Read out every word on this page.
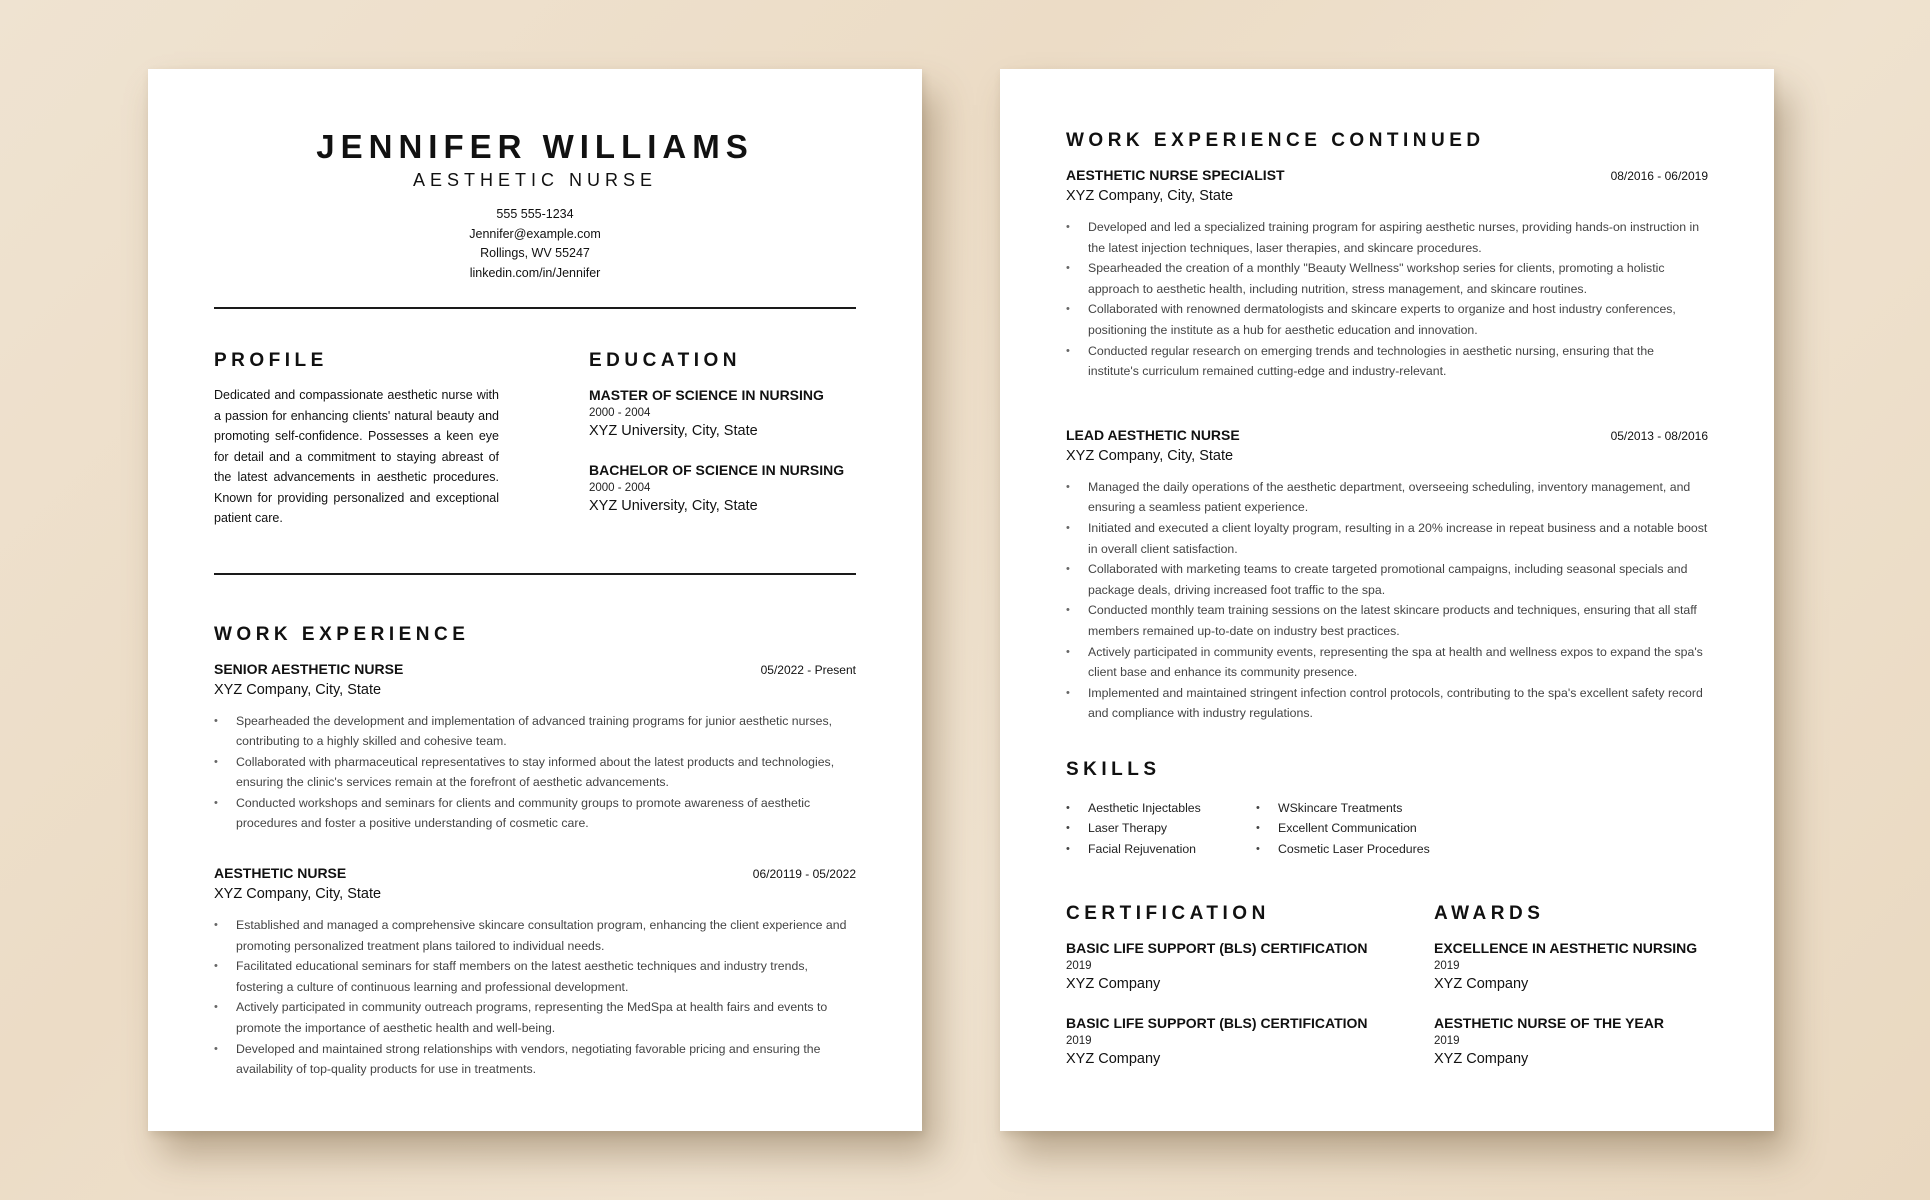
JENNIFER WILLIAMS
AESTHETIC NURSE
555 555-1234
Jennifer@example.com
Rollings, WV 55247
linkedin.com/in/Jennifer
PROFILE
Dedicated and compassionate aesthetic nurse with a passion for enhancing clients' natural beauty and promoting self-confidence. Possesses a keen eye for detail and a commitment to staying abreast of the latest advancements in aesthetic procedures. Known for providing personalized and exceptional patient care.
EDUCATION
MASTER OF SCIENCE IN NURSING
2000 - 2004
XYZ University, City, State
BACHELOR OF SCIENCE IN NURSING
2000 - 2004
XYZ University, City, State
WORK EXPERIENCE
SENIOR AESTHETIC NURSE	05/2022 - Present
XYZ Company, City, State
• Spearheaded the development and implementation of advanced training programs for junior aesthetic nurses, contributing to a highly skilled and cohesive team.
• Collaborated with pharmaceutical representatives to stay informed about the latest products and technologies, ensuring the clinic's services remain at the forefront of aesthetic advancements.
• Conducted workshops and seminars for clients and community groups to promote awareness of aesthetic procedures and foster a positive understanding of cosmetic care.
AESTHETIC NURSE	06/20119 - 05/2022
XYZ Company, City, State
• Established and managed a comprehensive skincare consultation program, enhancing the client experience and promoting personalized treatment plans tailored to individual needs.
• Facilitated educational seminars for staff members on the latest aesthetic techniques and industry trends, fostering a culture of continuous learning and professional development.
• Actively participated in community outreach programs, representing the MedSpa at health fairs and events to promote the importance of aesthetic health and well-being.
• Developed and maintained strong relationships with vendors, negotiating favorable pricing and ensuring the availability of top-quality products for use in treatments.
WORK EXPERIENCE CONTINUED
AESTHETIC NURSE SPECIALIST	08/2016 - 06/2019
XYZ Company, City, State
• Developed and led a specialized training program for aspiring aesthetic nurses, providing hands-on instruction in the latest injection techniques, laser therapies, and skincare procedures.
• Spearheaded the creation of a monthly "Beauty Wellness" workshop series for clients, promoting a holistic approach to aesthetic health, including nutrition, stress management, and skincare routines.
• Collaborated with renowned dermatologists and skincare experts to organize and host industry conferences, positioning the institute as a hub for aesthetic education and innovation.
• Conducted regular research on emerging trends and technologies in aesthetic nursing, ensuring that the institute's curriculum remained cutting-edge and industry-relevant.
LEAD AESTHETIC NURSE	05/2013 - 08/2016
XYZ Company, City, State
• Managed the daily operations of the aesthetic department, overseeing scheduling, inventory management, and ensuring a seamless patient experience.
• Initiated and executed a client loyalty program, resulting in a 20% increase in repeat business and a notable boost in overall client satisfaction.
• Collaborated with marketing teams to create targeted promotional campaigns, including seasonal specials and package deals, driving increased foot traffic to the spa.
• Conducted monthly team training sessions on the latest skincare products and techniques, ensuring that all staff members remained up-to-date on industry best practices.
• Actively participated in community events, representing the spa at health and wellness expos to expand the spa's client base and enhance its community presence.
• Implemented and maintained stringent infection control protocols, contributing to the spa's excellent safety record and compliance with industry regulations.
SKILLS
• Aesthetic Injectables
• Laser Therapy
• Facial Rejuvenation
• WSkincare Treatments
• Excellent Communication
• Cosmetic Laser Procedures
CERTIFICATION
BASIC LIFE SUPPORT (BLS) CERTIFICATION
2019
XYZ Company
BASIC LIFE SUPPORT (BLS) CERTIFICATION
2019
XYZ Company
AWARDS
EXCELLENCE IN AESTHETIC NURSING
2019
XYZ Company
AESTHETIC NURSE OF THE YEAR
2019
XYZ Company
